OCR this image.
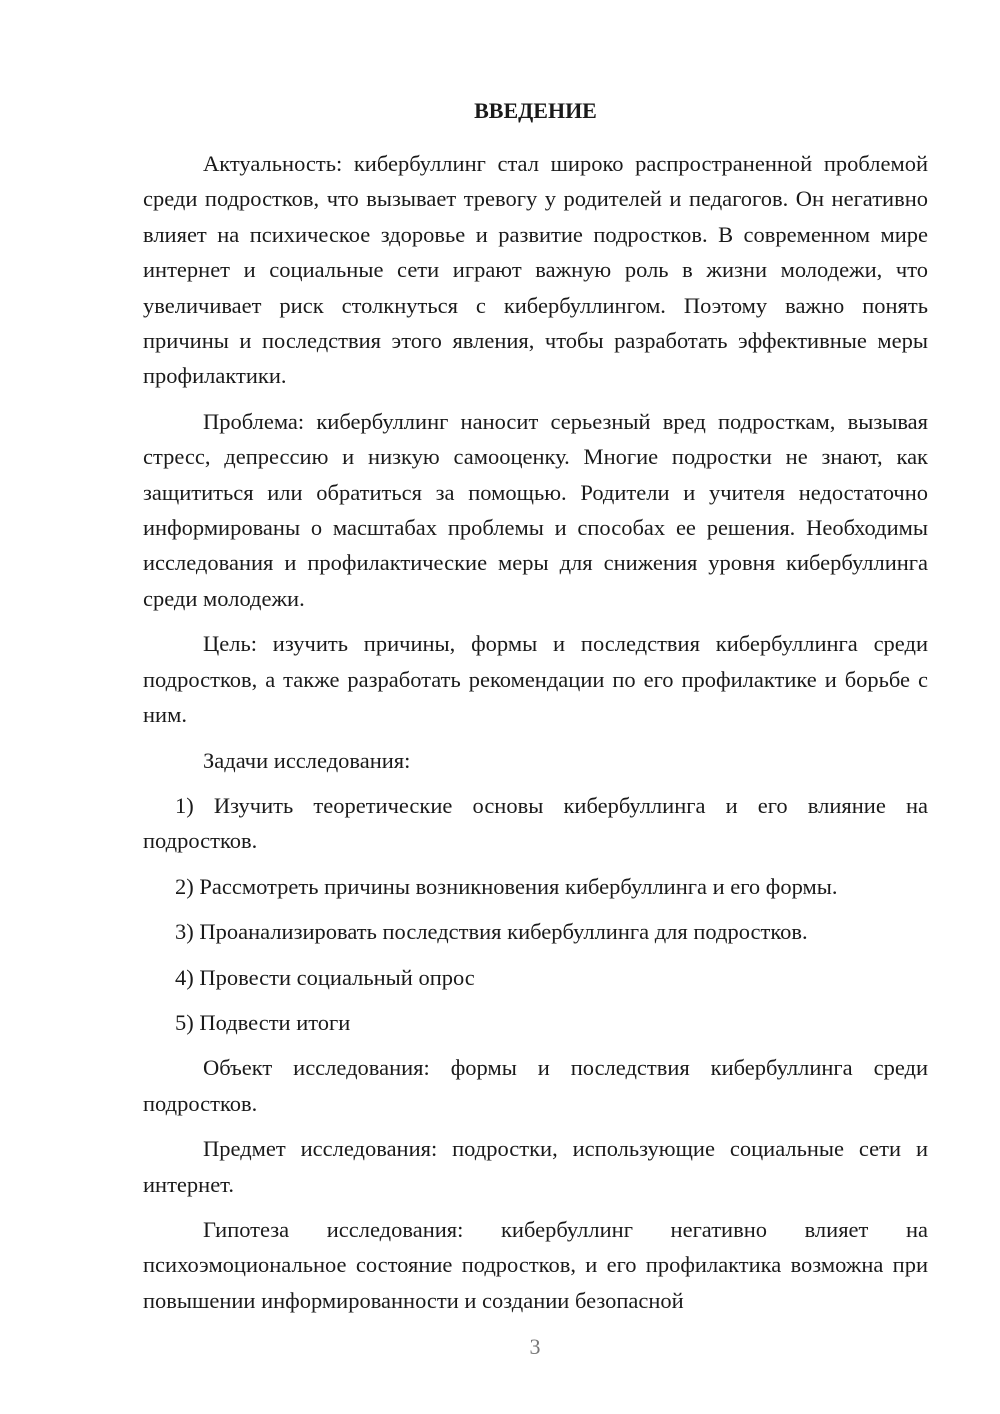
ВВЕДЕНИЕ

Актуальность: кибербуллинг стал широко распространенной проблемой среди подростков, что вызывает тревогу у родителей и педагогов. Он негативно влияет на психическое здоровье и развитие подростков. В современном мире интернет и социальные сети играют важную роль в жизни молодежи, что увеличивает риск столкнуться с кибербуллингом. Поэтому важно понять причины и последствия этого явления, чтобы разработать эффективные меры профилактики.

Проблема: кибербуллинг наносит серьезный вред подросткам, вызывая стресс, депрессию и низкую самооценку. Многие подростки не знают, как защититься или обратиться за помощью. Родители и учителя недостаточно информированы о масштабах проблемы и способах ее решения. Необходимы исследования и профилактические меры для снижения уровня кибербуллинга среди молодежи.

Цель: изучить причины, формы и последствия кибербуллинга среди подростков, а также разработать рекомендации по его профилактике и борьбе с ним.

Задачи исследования:

1) Изучить теоретические основы кибербуллинга и его влияние на подростков.

2) Рассмотреть причины возникновения кибербуллинга и его формы.

3) Проанализировать последствия кибербуллинга для подростков.

4) Провести социальный опрос

5) Подвести итоги

Объект исследования: формы и последствия кибербуллинга среди подростков.

Предмет исследования: подростки, использующие социальные сети и интернет.

Гипотеза исследования: кибербуллинг негативно влияет на психоэмоциональное состояние подростков, и его профилактика возможна при повышении информированности и создании безопасной

3
